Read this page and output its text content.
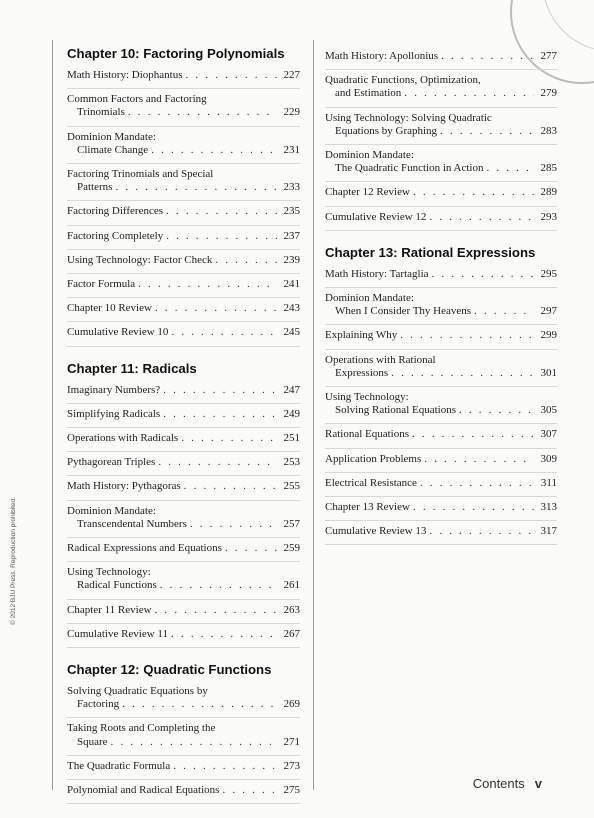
Chapter 10: Factoring Polynomials
Math History: Diophantus . . .	227
Common Factors and Factoring
Trinomials . . .	229
Dominion Mandate:
Climate Change . . .	231
Factoring Trinomials and Special
Patterns . . .	233
Factoring Differences . . .	235
Factoring Completely . . .	237
Using Technology: Factor Check . . .	239
Factor Formula . . .	241
Chapter 10 Review . . .	243
Cumulative Review 10 . . .	245
Chapter 11: Radicals
Imaginary Numbers? . . .	247
Simplifying Radicals . . .	249
Operations with Radicals . . .	251
Pythagorean Triples . . .	253
Math History: Pythagoras . . .	255
Dominion Mandate:
Transcendental Numbers . . .	257
Radical Expressions and Equations . . .	259
Using Technology:
Radical Functions . . .	261
Chapter 11 Review . . .	263
Cumulative Review 11 . . .	267
Chapter 12: Quadratic Functions
Solving Quadratic Equations by
Factoring . . .	269
Taking Roots and Completing the
Square . . .	271
The Quadratic Formula . . .	273
Polynomial and Radical Equations . . .	275
Math History: Apollonius . . .	277
Quadratic Functions, Optimization,
and Estimation . . .	279
Using Technology: Solving Quadratic
Equations by Graphing . . .	283
Dominion Mandate:
The Quadratic Function in Action . . .	285
Chapter 12 Review . . .	289
Cumulative Review 12 . . .	293
Chapter 13: Rational Expressions
Math History: Tartaglia . . .	295
Dominion Mandate:
When I Consider Thy Heavens . . .	297
Explaining Why . . .	299
Operations with Rational
Expressions . . .	301
Using Technology:
Solving Rational Equations . . .	305
Rational Equations . . .	307
Application Problems . . .	309
Electrical Resistance . . .	311
Chapter 13 Review . . .	313
Cumulative Review 13 . . .	317
© 2012 BJU Press. Reproduction prohibited.
Contents v
